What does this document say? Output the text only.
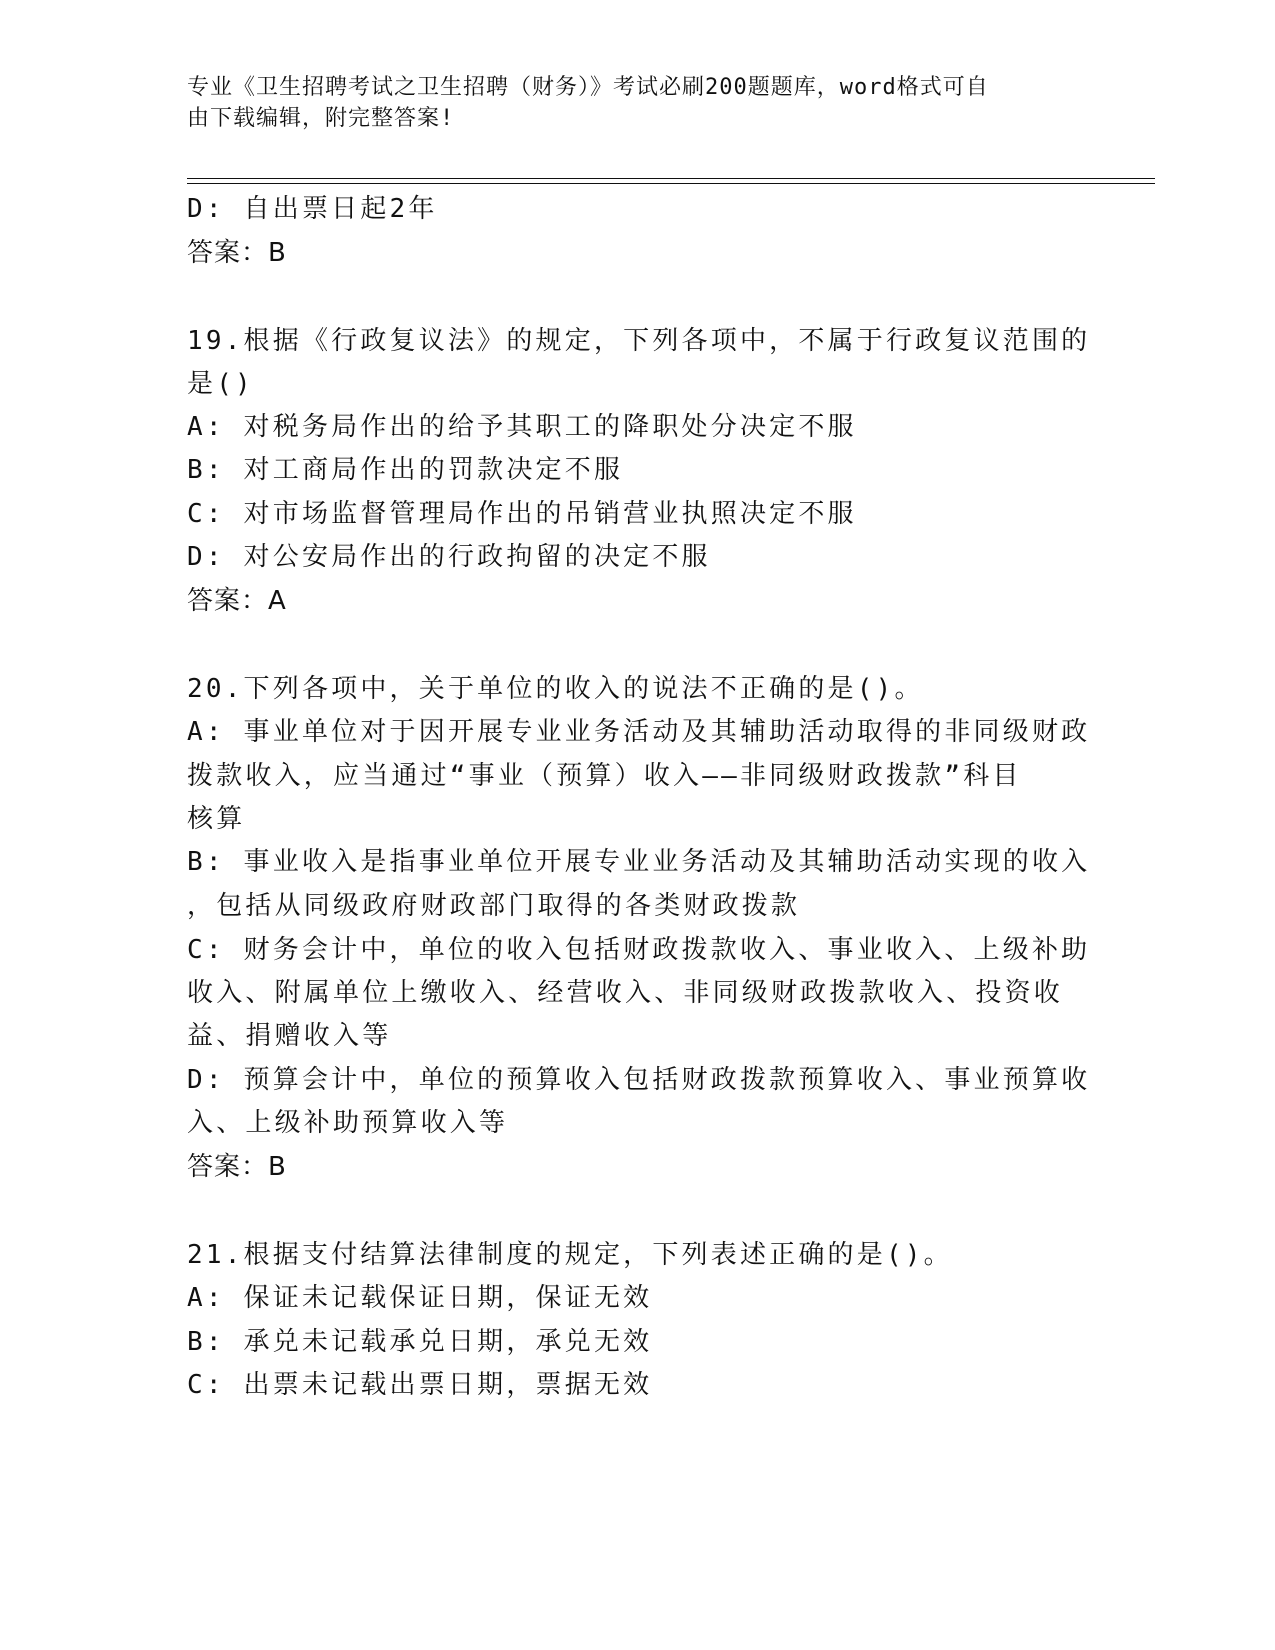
专业《卫生招聘考试之卫生招聘（财务）》考试必刷200题题库，word格式可自
由下载编辑，附完整答案!
D: 自出票日起2年
答案：B
19.根据《行政复议法》的规定，下列各项中，不属于行政复议范围的
是()
A: 对税务局作出的给予其职工的降职处分决定不服
B: 对工商局作出的罚款决定不服
C: 对市场监督管理局作出的吊销营业执照决定不服
D: 对公安局作出的行政拘留的决定不服
答案：A
20.下列各项中，关于单位的收入的说法不正确的是()。
A: 事业单位对于因开展专业业务活动及其辅助活动取得的非同级财政
拨款收入，应当通过“事业（预算）收入——非同级财政拨款”科目
核算
B: 事业收入是指事业单位开展专业业务活动及其辅助活动实现的收入
，包括从同级政府财政部门取得的各类财政拨款
C: 财务会计中，单位的收入包括财政拨款收入、事业收入、上级补助
收入、附属单位上缴收入、经营收入、非同级财政拨款收入、投资收
益、捐赠收入等
D: 预算会计中，单位的预算收入包括财政拨款预算收入、事业预算收
入、上级补助预算收入等
答案：B
21.根据支付结算法律制度的规定，下列表述正确的是()。
A: 保证未记载保证日期，保证无效
B: 承兑未记载承兑日期，承兑无效
C: 出票未记载出票日期，票据无效
